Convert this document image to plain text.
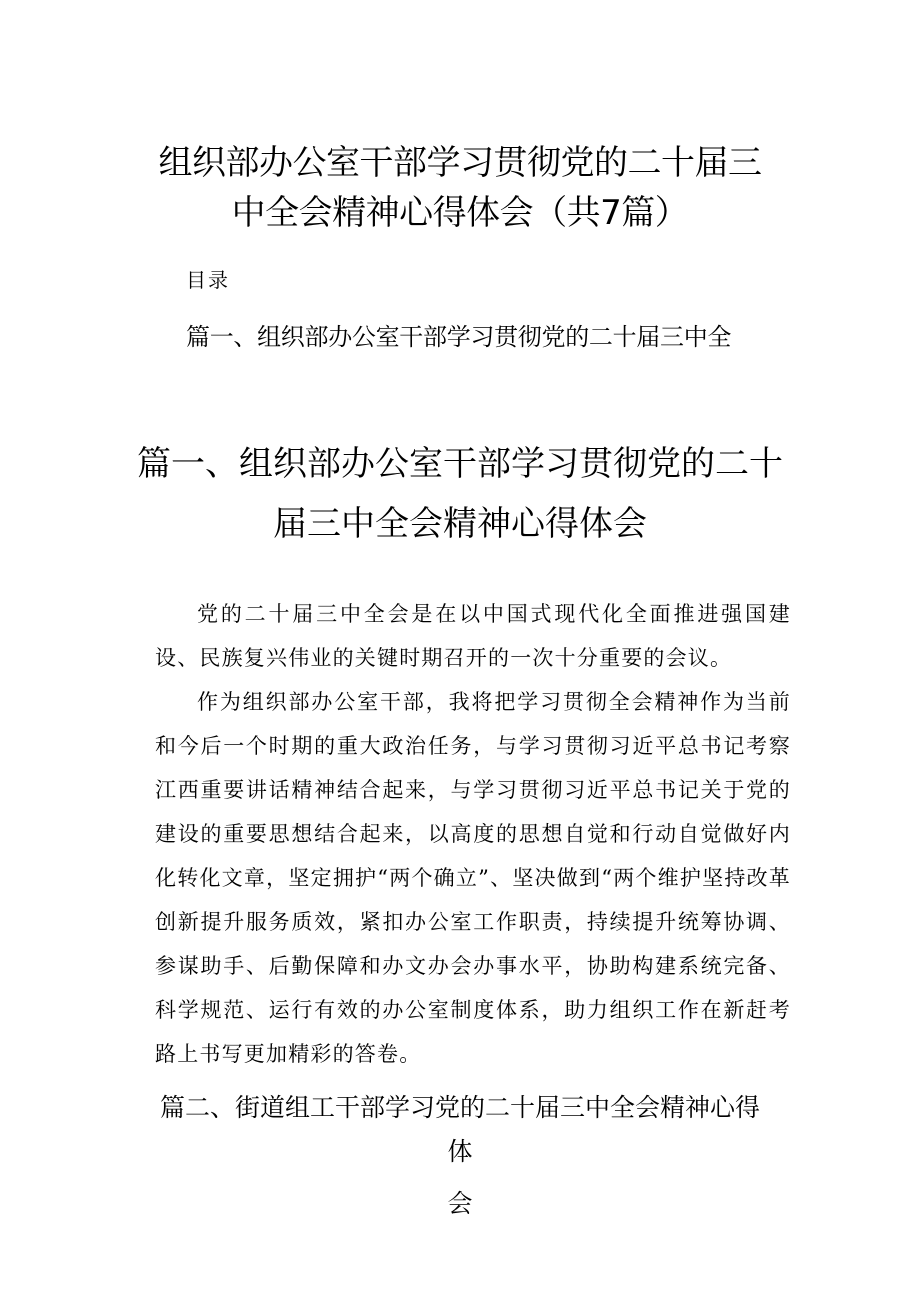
组织部办公室干部学习贯彻党的二十届三
中全会精神心得体会（共7篇）
目录
篇一、组织部办公室干部学习贯彻党的二十届三中全
篇一、组织部办公室干部学习贯彻党的二十
届三中全会精神心得体会

党的二十届三中全会是在以中国式现代化全面推进强国建设、民族复兴伟业的关键时期召开的一次十分重要的会议。

作为组织部办公室干部，我将把学习贯彻全会精神作为当前和今后一个时期的重大政治任务，与学习贯彻习近平总书记考察江西重要讲话精神结合起来，与学习贯彻习近平总书记关于党的建设的重要思想结合起来，以高度的思想自觉和行动自觉做好内化转化文章，坚定拥护“两个确立”、坚决做到“两个维护坚持改革创新提升服务质效，紧扣办公室工作职责，持续提升统筹协调、参谋助手、后勤保障和办文办会办事水平，协助构建系统完备、科学规范、运行有效的办公室制度体系，助力组织工作在新赶考路上书写更加精彩的答卷。

篇二、街道组工干部学习党的二十届三中全会精神心得体
会
